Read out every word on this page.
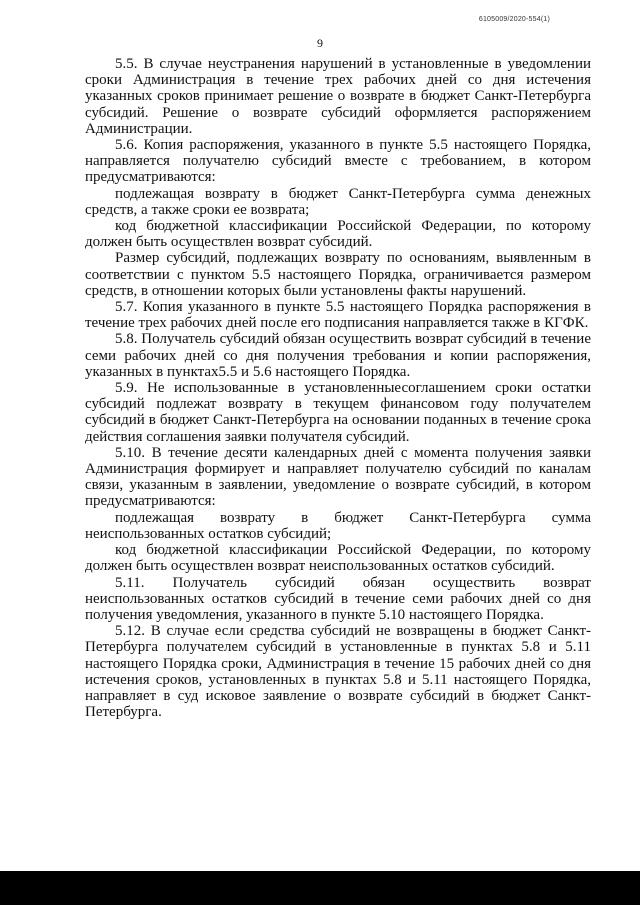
6105009/2020-554(1)
9

5.5. В случае неустранения нарушений в установленные в уведомлении сроки Администрация в течение трех рабочих дней со дня истечения указанных сроков принимает решение о возврате в бюджет Санкт-Петербурга субсидий. Решение о возврате субсидий оформляется распоряжением Администрации.

5.6. Копия распоряжения, указанного в пункте 5.5 настоящего Порядка, направляется получателю субсидий вместе с требованием, в котором предусматриваются:

подлежащая возврату в бюджет Санкт-Петербурга сумма денежных средств, а также сроки ее возврата;

код бюджетной классификации Российской Федерации, по которому должен быть осуществлен возврат субсидий.

Размер субсидий, подлежащих возврату по основаниям, выявленным в соответствии с пунктом 5.5 настоящего Порядка, ограничивается размером средств, в отношении которых были установлены факты нарушений.

5.7. Копия указанного в пункте 5.5 настоящего Порядка распоряжения в течение трех рабочих дней после его подписания направляется также в КГФК.

5.8. Получатель субсидий обязан осуществить возврат субсидий в течение семи рабочих дней со дня получения требования и копии распоряжения, указанных в пунктах5.5 и 5.6 настоящего Порядка.

5.9. Не использованные в установленныесоглашением сроки остатки субсидий подлежат возврату в текущем финансовом году получателем субсидий в бюджет Санкт-Петербурга на основании поданных в течение срока действия соглашения заявки получателя субсидий.

5.10. В течение десяти календарных дней с момента получения заявки Администрация формирует и направляет получателю субсидий по каналам связи, указанным в заявлении, уведомление о возврате субсидий, в котором предусматриваются:

подлежащая возврату в бюджет Санкт-Петербурга сумма неиспользованных остатков субсидий;

код бюджетной классификации Российской Федерации, по которому должен быть осуществлен возврат неиспользованных остатков субсидий.

5.11. Получатель субсидий обязан осуществить возврат неиспользованных остатков субсидий в течение семи рабочих дней со дня получения уведомления, указанного в пункте 5.10 настоящего Порядка.

5.12. В случае если средства субсидий не возвращены в бюджет Санкт-Петербурга получателем субсидий в установленные в пунктах 5.8 и 5.11 настоящего Порядка сроки, Администрация в течение 15 рабочих дней со дня истечения сроков, установленных в пунктах 5.8 и 5.11 настоящего Порядка, направляет в суд исковое заявление о возврате субсидий в бюджет Санкт-Петербурга.
